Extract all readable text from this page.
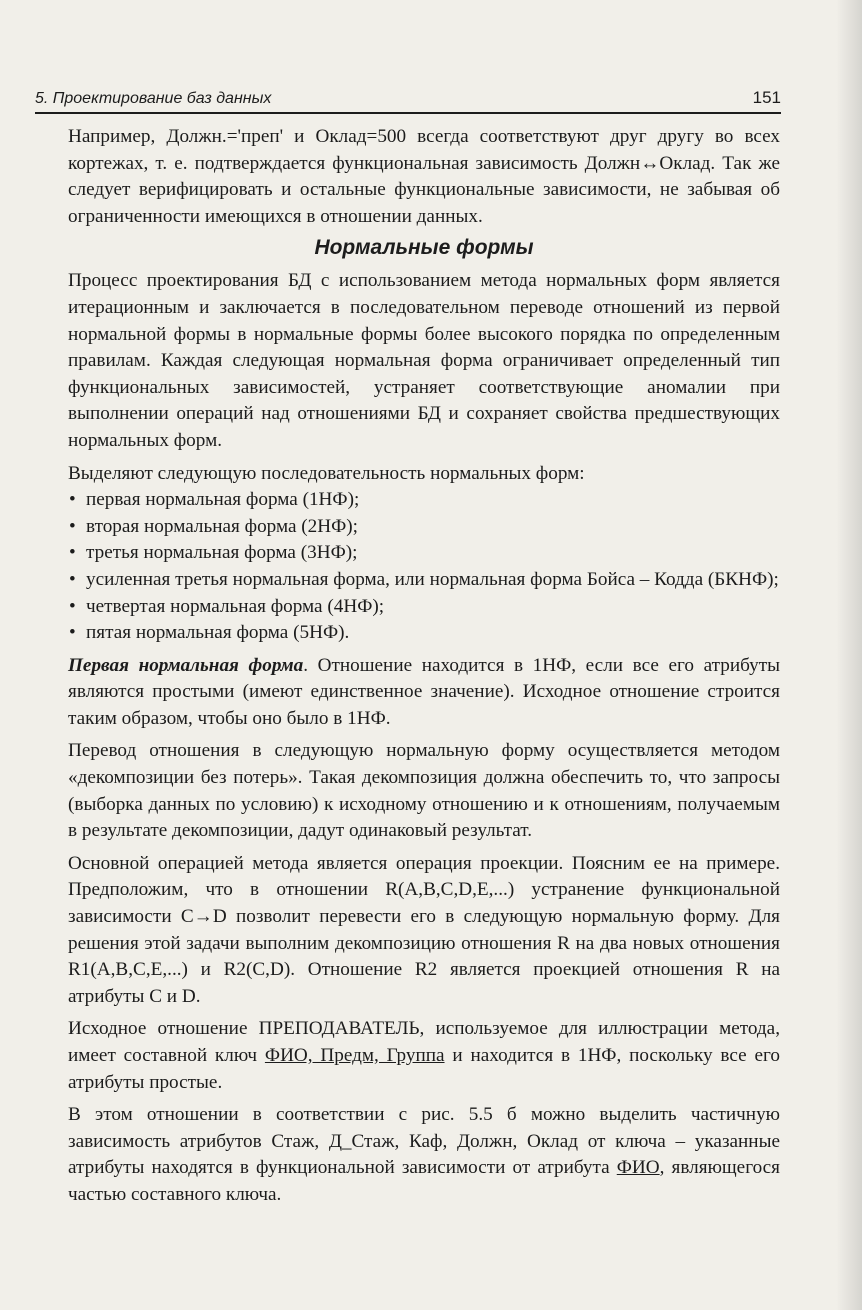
5. Проектирование баз данных	151

Например, Должн.='преп' и Оклад=500 всегда соответствуют друг другу во всех кортежах, т. е. подтверждается функциональная зависимость Должн↔Оклад. Так же следует верифицировать и остальные функциональные зависимости, не забывая об ограниченности имеющихся в отношении данных.

Нормальные формы

Процесс проектирования БД с использованием метода нормальных форм является итерационным и заключается в последовательном переводе отношений из первой нормальной формы в нормальные формы более высокого порядка по определенным правилам. Каждая следующая нормальная форма ограничивает определенный тип функциональных зависимостей, устраняет соответствующие аномалии при выполнении операций над отношениями БД и сохраняет свойства предшествующих нормальных форм.

Выделяют следующую последовательность нормальных форм:

• первая нормальная форма (1НФ);
• вторая нормальная форма (2НФ);
• третья нормальная форма (3НФ);
• усиленная третья нормальная форма, или нормальная форма Бойса – Кодда (БКНФ);
• четвертая нормальная форма (4НФ);
• пятая нормальная форма (5НФ).

Первая нормальная форма. Отношение находится в 1НФ, если все его атрибуты являются простыми (имеют единственное значение). Исходное отношение строится таким образом, чтобы оно было в 1НФ.

Перевод отношения в следующую нормальную форму осуществляется методом «декомпозиции без потерь». Такая декомпозиция должна обеспечить то, что запросы (выборка данных по условию) к исходному отношению и к отношениям, получаемым в результате декомпозиции, дадут одинаковый результат.

Основной операцией метода является операция проекции. Поясним ее на примере. Предположим, что в отношении R(A,B,C,D,E,...) устранение функциональной зависимости C→D позволит перевести его в следующую нормальную форму. Для решения этой задачи выполним декомпозицию отношения R на два новых отношения R1(A,B,C,E,...) и R2(C,D). Отношение R2 является проекцией отношения R на атрибуты C и D.

Исходное отношение ПРЕПОДАВАТЕЛЬ, используемое для иллюстрации метода, имеет составной ключ ФИО, Предм, Группа и находится в 1НФ, поскольку все его атрибуты простые.

В этом отношении в соответствии с рис. 5.5 б можно выделить частичную зависимость атрибутов Стаж, Д_Стаж, Каф, Должн, Оклад от ключа – указанные атрибуты находятся в функциональной зависимости от атрибута ФИО, являющегося частью составного ключа.
